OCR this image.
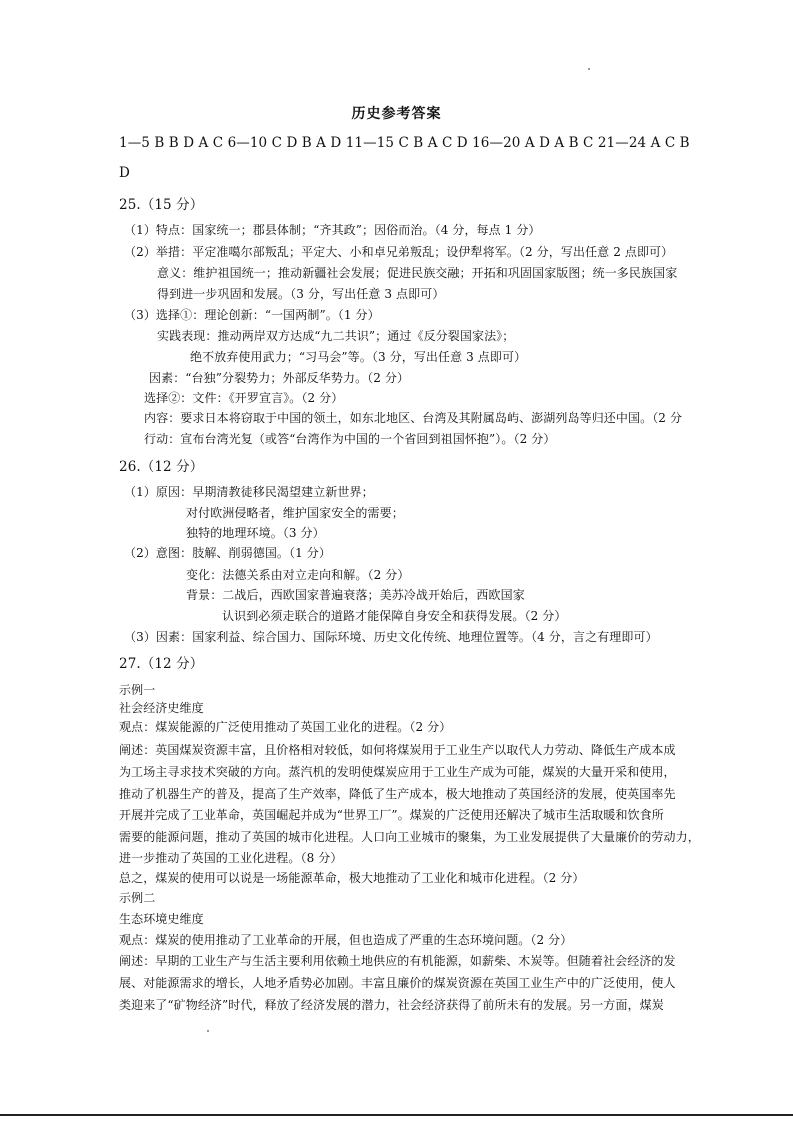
历史参考答案
1—5 B B D A C 6—10 C D B A D 11—15 C B A C D 16—20 A D A B C 21—24 A C B
D
25.（15 分）
（1）特点：国家统一；郡县体制；“齐其政”；因俗而治。（4 分，每点 1 分）
（2）举措：平定准噶尔部叛乱；平定大、小和卓兄弟叛乱；设伊犁将军。（2 分，写出任意 2 点即可）
意义：维护祖国统一；推动新疆社会发展；促进民族交融；开拓和巩固国家版图；统一多民族国家
得到进一步巩固和发展。（3 分，写出任意 3 点即可）
（3）选择①：理论创新：“一国两制”。（1 分）
实践表现：推动两岸双方达成“九二共识”；通过《反分裂国家法》；
绝不放弃使用武力；“习马会”等。（3 分，写出任意 3 点即可）
因素：“台独”分裂势力；外部反华势力。（2 分）
选择②：文件：《开罗宣言》。（2 分）
内容：要求日本将窃取于中国的领土，如东北地区、台湾及其附属岛屿、澎湖列岛等归还中国。（2 分
行动：宣布台湾光复（或答“台湾作为中国的一个省回到祖国怀抱”）。（2 分）
26.（12 分）
（1）原因：早期清教徒移民渴望建立新世界；
对付欧洲侵略者，维护国家安全的需要；
独特的地理环境。（3 分）
（2）意图：肢解、削弱德国。（1 分）
变化：法德关系由对立走向和解。（2 分）
背景：二战后，西欧国家普遍衰落；美苏冷战开始后，西欧国家
认识到必须走联合的道路才能保障自身安全和获得发展。（2 分）
（3）因素：国家利益、综合国力、国际环境、历史文化传统、地理位置等。（4 分，言之有理即可）
27.（12 分）
示例一
社会经济史维度
观点：煤炭能源的广泛使用推动了英国工业化的进程。（2 分）
阐述：英国煤炭资源丰富，且价格相对较低，如何将煤炭用于工业生产以取代人力劳动、降低生产成本成
为工场主寻求技术突破的方向。蒸汽机的发明使煤炭应用于工业生产成为可能，煤炭的大量开采和使用，
推动了机器生产的普及，提高了生产效率，降低了生产成本，极大地推动了英国经济的发展，使英国率先
开展并完成了工业革命，英国崛起并成为“世界工厂”。煤炭的广泛使用还解决了城市生活取暖和饮食所
需要的能源问题，推动了英国的城市化进程。人口向工业城市的聚集，为工业发展提供了大量廉价的劳动力，
进一步推动了英国的工业化进程。（8 分）
总之，煤炭的使用可以说是一场能源革命，极大地推动了工业化和城市化进程。（2 分）
示例二
生态环境史维度
观点：煤炭的使用推动了工业革命的开展，但也造成了严重的生态环境问题。（2 分）
阐述：早期的工业生产与生活主要利用依赖土地供应的有机能源，如薪柴、木炭等。但随着社会经济的发
展、对能源需求的增长，人地矛盾势必加剧。丰富且廉价的煤炭资源在英国工业生产中的广泛使用，使人
类迎来了“矿物经济”时代，释放了经济发展的潜力，社会经济获得了前所未有的发展。另一方面，煤炭
